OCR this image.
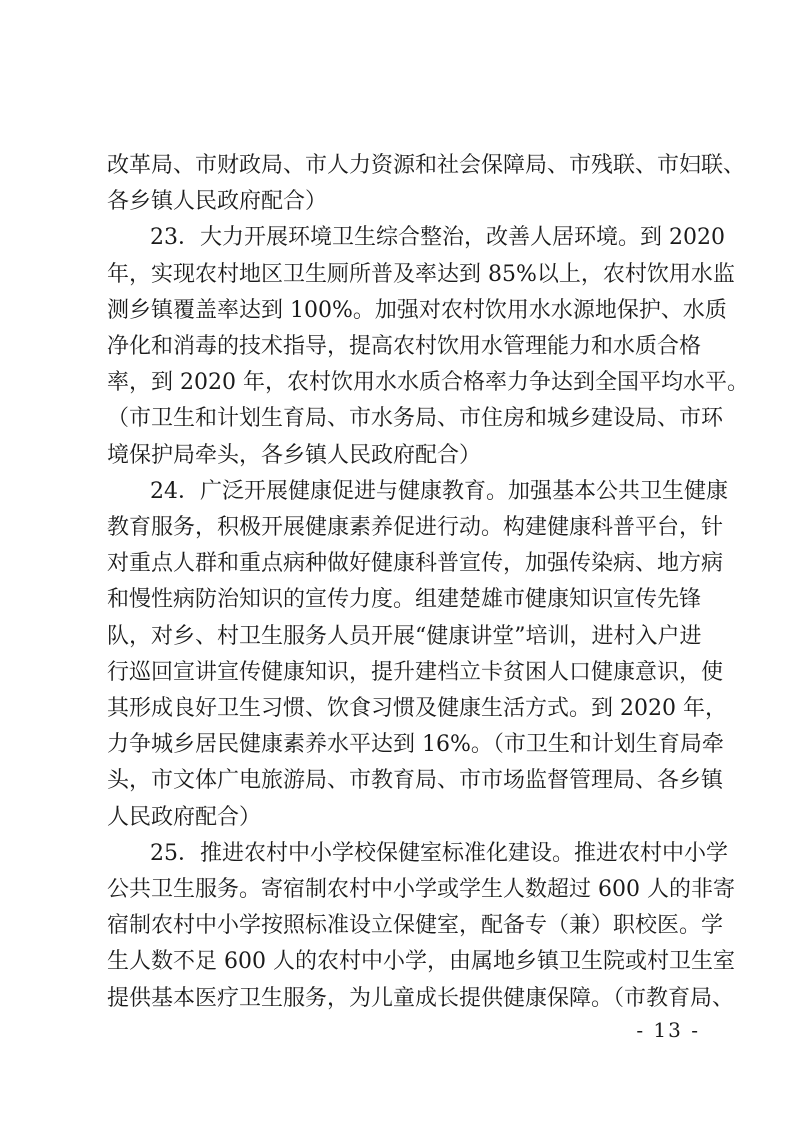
改革局、市财政局、市人力资源和社会保障局、市残联、市妇联、
各乡镇人民政府配合）
23．大力开展环境卫生综合整治，改善人居环境。到 2020
年，实现农村地区卫生厕所普及率达到 85%以上，农村饮用水监
测乡镇覆盖率达到 100%。加强对农村饮用水水源地保护、水质
净化和消毒的技术指导，提高农村饮用水管理能力和水质合格
率，到 2020 年，农村饮用水水质合格率力争达到全国平均水平。
（市卫生和计划生育局、市水务局、市住房和城乡建设局、市环
境保护局牵头，各乡镇人民政府配合）
24．广泛开展健康促进与健康教育。加强基本公共卫生健康
教育服务，积极开展健康素养促进行动。构建健康科普平台，针
对重点人群和重点病种做好健康科普宣传，加强传染病、地方病
和慢性病防治知识的宣传力度。组建楚雄市健康知识宣传先锋
队，对乡、村卫生服务人员开展“健康讲堂”培训，进村入户进
行巡回宣讲宣传健康知识，提升建档立卡贫困人口健康意识，使
其形成良好卫生习惯、饮食习惯及健康生活方式。到 2020 年，
力争城乡居民健康素养水平达到 16%。（市卫生和计划生育局牵
头，市文体广电旅游局、市教育局、市市场监督管理局、各乡镇
人民政府配合）
25．推进农村中小学校保健室标准化建设。推进农村中小学
公共卫生服务。寄宿制农村中小学或学生人数超过 600 人的非寄
宿制农村中小学按照标准设立保健室，配备专（兼）职校医。学
生人数不足 600 人的农村中小学，由属地乡镇卫生院或村卫生室
提供基本医疗卫生服务，为儿童成长提供健康保障。（市教育局、
- 13 -
